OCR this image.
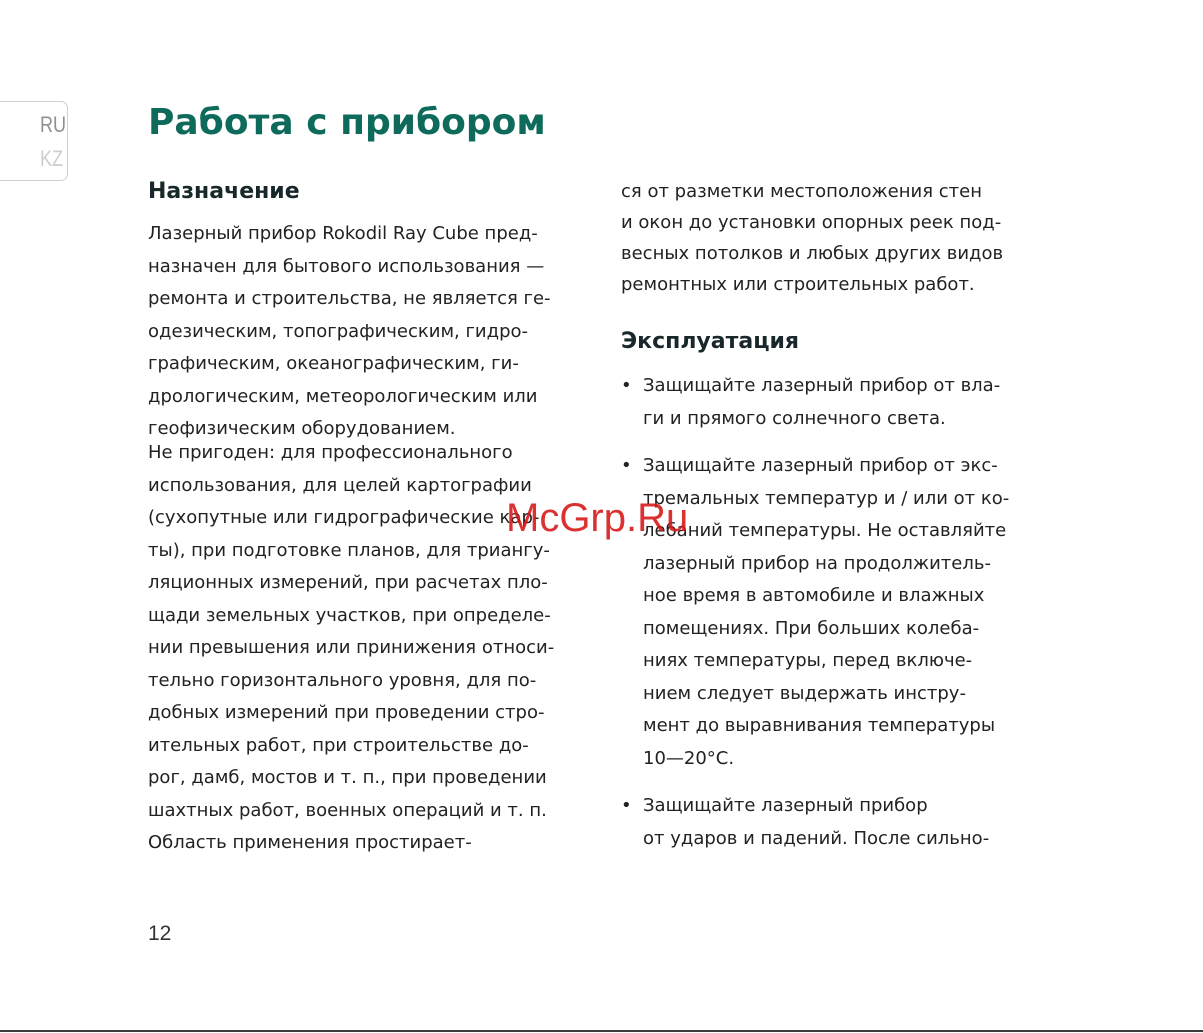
RU
KZ
Работа с прибором
Назначение
Лазерный прибор Rokodil Ray Cube пред-
назначен для бытового использования —
ремонта и строительства, не является ге-
одезическим, топографическим, гидро-
графическим, океанографическим, ги-
дрологическим, метеорологическим или
геофизическим оборудованием.
Не пригоден: для профессионального
использования, для целей картографии
(сухопутные или гидрографические кар-
ты), при подготовке планов, для триангу-
ляционных измерений, при расчетах пло-
щади земельных участков, при определе-
нии превышения или принижения относи-
тельно горизонтального уровня, для по-
добных измерений при проведении стро-
ительных работ, при строительстве до-
рог, дамб, мостов и т. п., при проведении
шахтных работ, военных операций и т. п.
Область применения простирает-
ся от разметки местоположения стен
и окон до установки опорных реек под-
весных потолков и любых других видов
ремонтных или строительных работ.
Эксплуатация
• Защищайте лазерный прибор от вла-
ги и прямого солнечного света.
• Защищайте лазерный прибор от экс-
тремальных температур и / или от ко-
лебаний температуры. Не оставляйте
лазерный прибор на продолжитель-
ное время в автомобиле и влажных
помещениях. При больших колеба-
ниях температуры, перед включе-
нием следует выдержать инстру-
мент до выравнивания температуры
10—20°С.
• Защищайте лазерный прибор
от ударов и падений. После сильно-
McGrp.Ru
12
